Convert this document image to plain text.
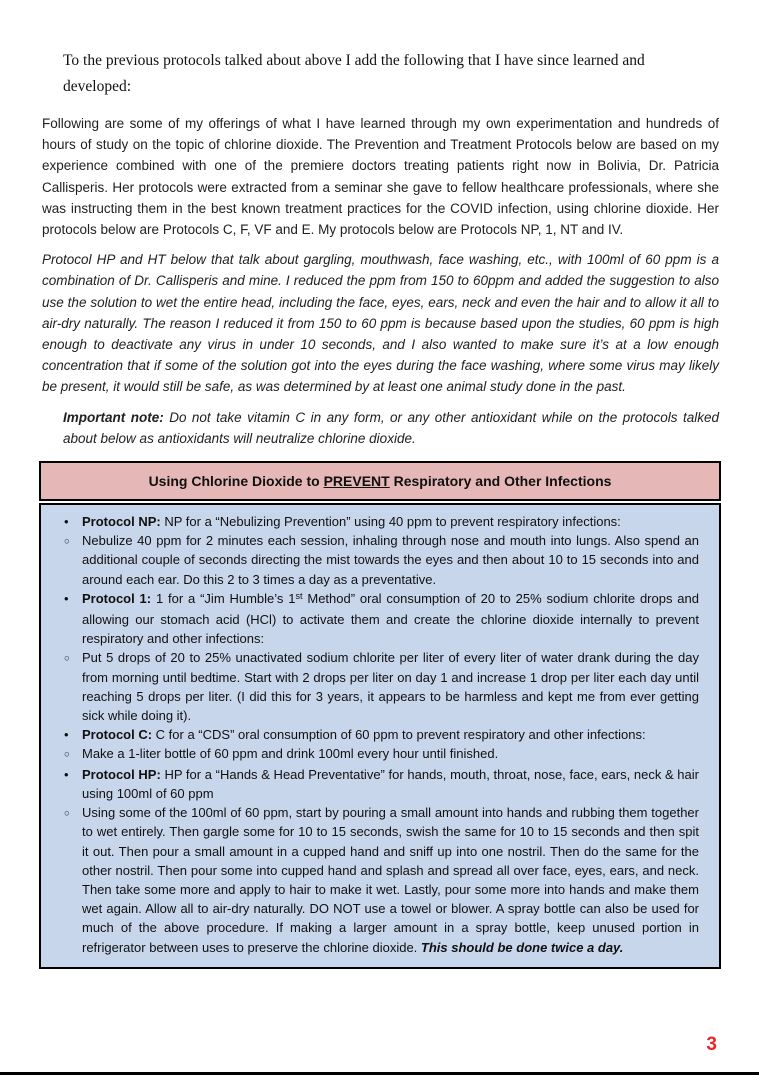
To the previous protocols talked about above I add the following that I have since learned and developed:

Following are some of my offerings of what I have learned through my own experimentation and hundreds of hours of study on the topic of chlorine dioxide. The Prevention and Treatment Protocols below are based on my experience combined with one of the premiere doctors treating patients right now in Bolivia, Dr. Patricia Callisperis. Her protocols were extracted from a seminar she gave to fellow healthcare professionals, where she was instructing them in the best known treatment practices for the COVID infection, using chlorine dioxide. Her protocols below are Protocols C, F, VF and E. My protocols below are Protocols NP, 1, NT and IV.

Protocol HP and HT below that talk about gargling, mouthwash, face washing, etc., with 100ml of 60 ppm is a combination of Dr. Callisperis and mine. I reduced the ppm from 150 to 60ppm and added the suggestion to also use the solution to wet the entire head, including the face, eyes, ears, neck and even the hair and to allow it all to air-dry naturally. The reason I reduced it from 150 to 60 ppm is because based upon the studies, 60 ppm is high enough to deactivate any virus in under 10 seconds, and I also wanted to make sure it’s at a low enough concentration that if some of the solution got into the eyes during the face washing, where some virus may likely be present, it would still be safe, as was determined by at least one animal study done in the past.

Important note: Do not take vitamin C in any form, or any other antioxidant while on the protocols talked about below as antioxidants will neutralize chlorine dioxide.

Using Chlorine Dioxide to PREVENT Respiratory and Other Infections
•	Protocol NP: NP for a “Nebulizing Prevention” using 40 ppm to prevent respiratory infections:
○ Nebulize 40 ppm for 2 minutes each session, inhaling through nose and mouth into lungs. Also spend an additional couple of seconds directing the mist towards the eyes and then about 10 to 15 seconds into and around each ear. Do this 2 to 3 times a day as a preventative.
•	Protocol 1: 1 for a “Jim Humble’s 1st Method” oral consumption of 20 to 25% sodium chlorite drops and allowing our stomach acid (HCl) to activate them and create the chlorine dioxide internally to prevent respiratory and other infections:
○ Put 5 drops of 20 to 25% unactivated sodium chlorite per liter of every liter of water drank during the day from morning until bedtime. Start with 2 drops per liter on day 1 and increase 1 drop per liter each day until reaching 5 drops per liter. (I did this for 3 years, it appears to be harmless and kept me from ever getting sick while doing it).
•	Protocol C: C for a “CDS” oral consumption of 60 ppm to prevent respiratory and other infections:
○ Make a 1-liter bottle of 60 ppm and drink 100ml every hour until finished.
•	Protocol HP: HP for a “Hands & Head Preventative” for hands, mouth, throat, nose, face, ears, neck & hair using 100ml of 60 ppm
○ Using some of the 100ml of 60 ppm, start by pouring a small amount into hands and rubbing them together to wet entirely. Then gargle some for 10 to 15 seconds, swish the same for 10 to 15 seconds and then spit it out. Then pour a small amount in a cupped hand and sniff up into one nostril. Then do the same for the other nostril. Then pour some into cupped hand and splash and spread all over face, eyes, ears, and neck. Then take some more and apply to hair to make it wet. Lastly, pour some more into hands and make them wet again. Allow all to air-dry naturally. DO NOT use a towel or blower. A spray bottle can also be used for much of the above procedure. If making a larger amount in a spray bottle, keep unused portion in refrigerator between uses to preserve the chlorine dioxide. This should be done twice a day.
3
